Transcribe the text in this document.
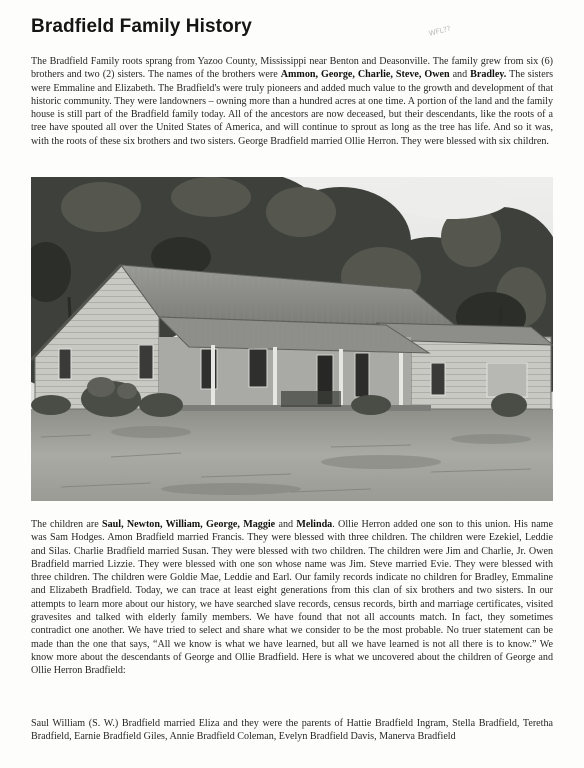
Bradfield Family History	WFL??

The Bradfield Family roots sprang from Yazoo County, Mississippi near Benton and Deasonville. The family grew from six (6) brothers and two (2) sisters. The names of the brothers were Ammon, George, Charlie, Steve, Owen and Bradley. The sisters were Emmaline and Elizabeth. The Bradfield's were truly pioneers and added much value to the growth and development of that historic community. They were landowners – owning more than a hundred acres at one time. A portion of the land and the family house is still part of the Bradfield family today. All of the ancestors are now deceased, but their descendants, like the roots of a tree have spouted all over the United States of America, and will continue to sprout as long as the tree has life. And so it was, with the roots of these six brothers and two sisters. George Bradfield married Ollie Herron. They were blessed with six children.

The children are Saul, Newton, William, George, Maggie and Melinda. Ollie Herron added one son to this union. His name was Sam Hodges. Amon Bradfield married Francis. They were blessed with three children. The children were Ezekiel, Leddie and Silas. Charlie Bradfield married Susan. They were blessed with two children. The children were Jim and Charlie, Jr. Owen Bradfield married Lizzie. They were blessed with one son whose name was Jim. Steve married Evie. They were blessed with three children. The children were Goldie Mae, Leddie and Earl. Our family records indicate no children for Bradley, Emmaline and Elizabeth Bradfield. Today, we can trace at least eight generations from this clan of six brothers and two sisters. In our attempts to learn more about our history, we have searched slave records, census records, birth and marriage certificates, visited gravesites and talked with elderly family members. We have found that not all accounts match. In fact, they sometimes contradict one another. We have tried to select and share what we consider to be the most probable. No truer statement can be made than the one that says, “All we know is what we have learned, but all we have learned is not all there is to know.” We know more about the descendants of George and Ollie Bradfield. Here is what we uncovered about the children of George and Ollie Herron Bradfield:

Saul William (S. W.) Bradfield married Eliza and they were the parents of Hattie Bradfield Ingram, Stella Bradfield, Teretha Bradfield, Earnie Bradfield Giles, Annie Bradfield Coleman, Evelyn Bradfield Davis, Manerva Bradfield
